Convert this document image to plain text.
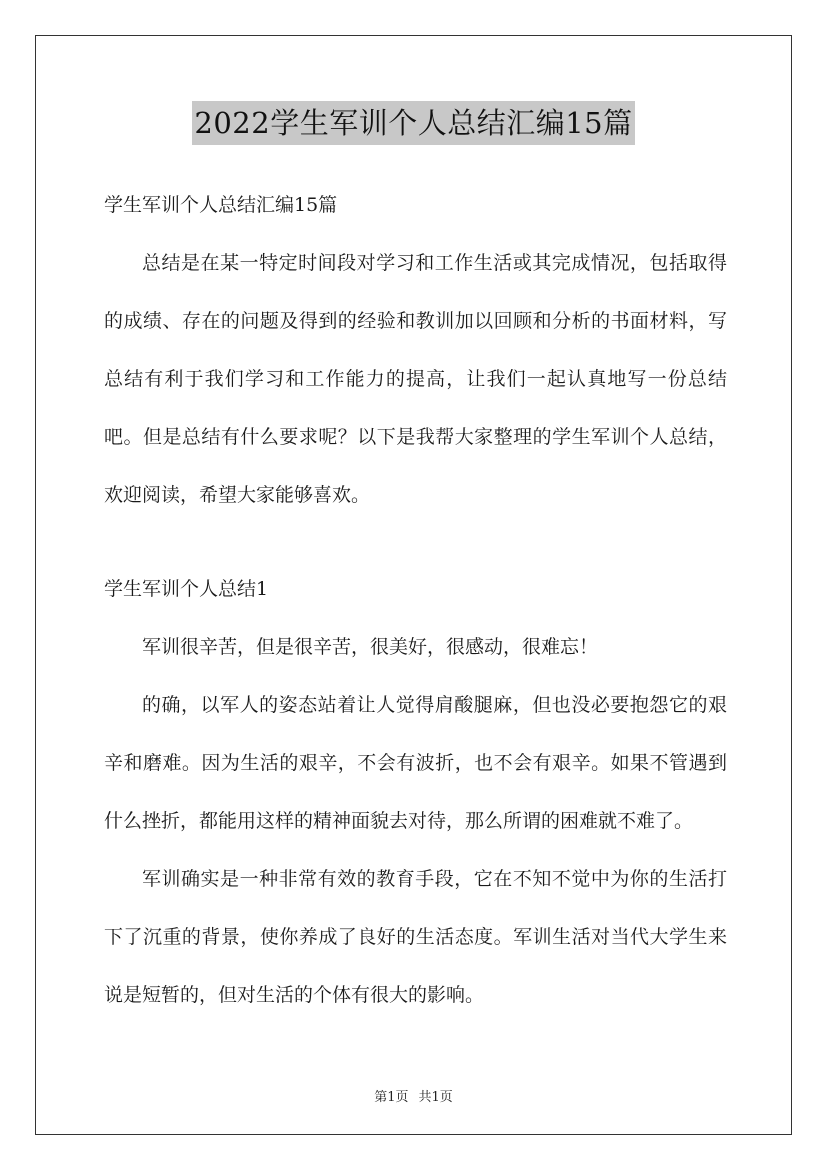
2022学生军训个人总结汇编15篇

学生军训个人总结汇编15篇

总结是在某一特定时间段对学习和工作生活或其完成情况，包括取得的成绩、存在的问题及得到的经验和教训加以回顾和分析的书面材料，写总结有利于我们学习和工作能力的提高，让我们一起认真地写一份总结吧。但是总结有什么要求呢？以下是我帮大家整理的学生军训个人总结，欢迎阅读，希望大家能够喜欢。

学生军训个人总结1

军训很辛苦，但是很辛苦，很美好，很感动，很难忘！

的确，以军人的姿态站着让人觉得肩酸腿麻，但也没必要抱怨它的艰辛和磨难。因为生活的艰辛，不会有波折，也不会有艰辛。如果不管遇到什么挫折，都能用这样的精神面貌去对待，那么所谓的困难就不难了。

军训确实是一种非常有效的教育手段，它在不知不觉中为你的生活打下了沉重的背景，使你养成了良好的生活态度。军训生活对当代大学生来说是短暂的，但对生活的个体有很大的影响。

第1页 共1页
